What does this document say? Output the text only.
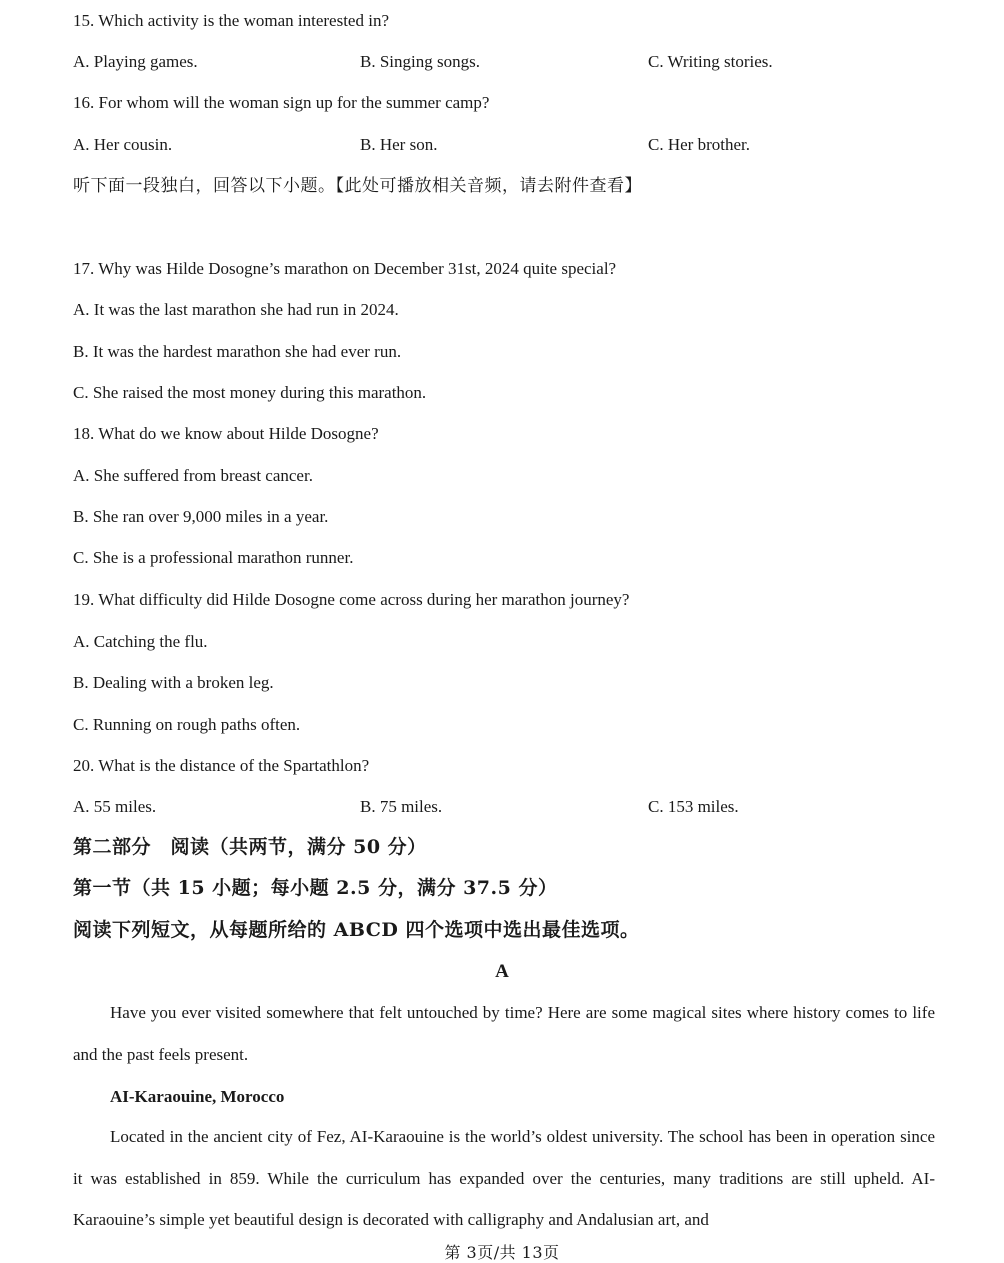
15. Which activity is the woman interested in?
A. Playing games.	B. Singing songs.	C. Writing stories.
16. For whom will the woman sign up for the summer camp?
A. Her cousin.	B. Her son.	C. Her brother.
听下面一段独白，回答以下小题。【此处可播放相关音频，请去附件查看】
17. Why was Hilde Dosogne’s marathon on December 31st, 2024 quite special?
A. It was the last marathon she had run in 2024.
B. It was the hardest marathon she had ever run.
C. She raised the most money during this marathon.
18. What do we know about Hilde Dosogne?
A. She suffered from breast cancer.
B. She ran over 9,000 miles in a year.
C. She is a professional marathon runner.
19. What difficulty did Hilde Dosogne come across during her marathon journey?
A. Catching the flu.
B. Dealing with a broken leg.
C. Running on rough paths often.
20. What is the distance of the Spartathlon?
A. 55 miles.	B. 75 miles.	C. 153 miles.
第二部分　阅读（共两节，满分 50 分）
第一节（共 15 小题；每小题 2.5 分，满分 37.5 分）
阅读下列短文，从每题所给的 ABCD 四个选项中选出最佳选项。
A
Have you ever visited somewhere that felt untouched by time? Here are some magical sites where history comes to life and the past feels present.
AI-Karaouine, Morocco
Located in the ancient city of Fez, AI-Karaouine is the world’s oldest university. The school has been in operation since it was established in 859. While the curriculum has expanded over the centuries, many traditions are still upheld. AI-Karaouine’s simple yet beautiful design is decorated with calligraphy and Andalusian art, and
第 3页/共 13页
